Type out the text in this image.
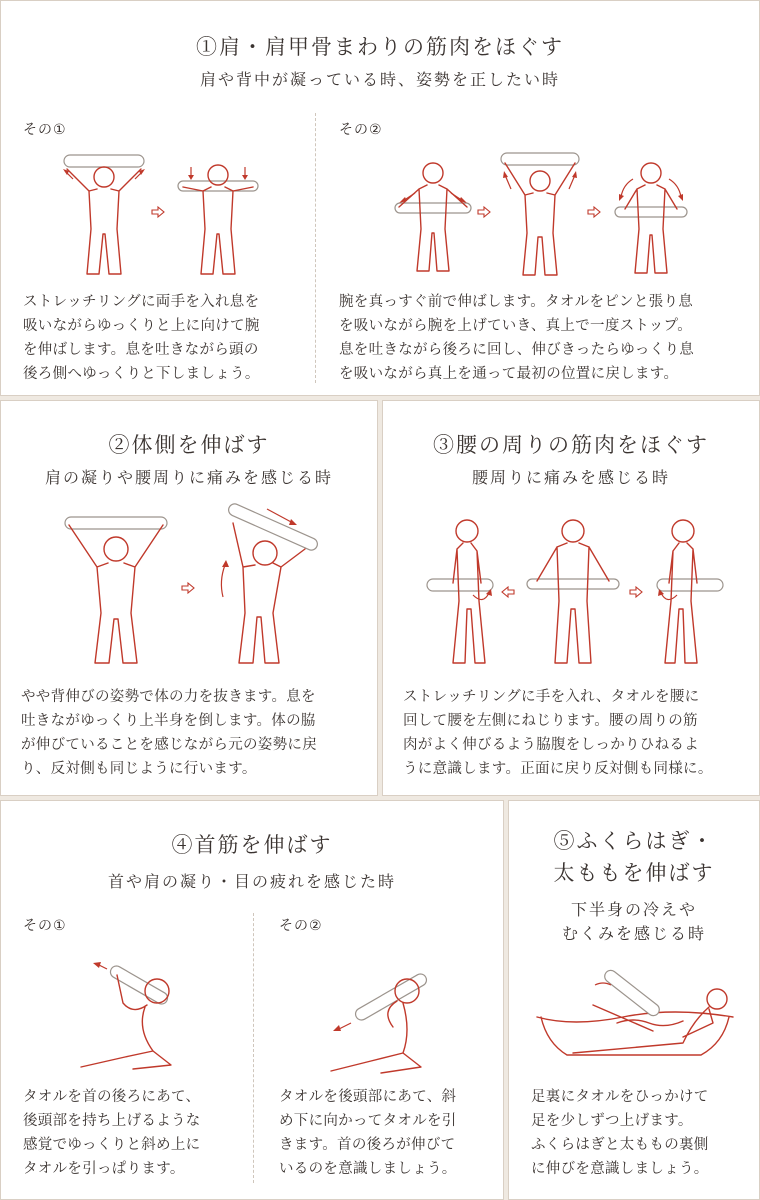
①肩・肩甲骨まわりの筋肉をほぐす
肩や背中が凝っている時、姿勢を正したい時
その①	その②
ストレッチリングに両手を入れ息を
吸いながらゆっくりと上に向けて腕
を伸ばします。息を吐きながら頭の
後ろ側へゆっくりと下しましょう。
腕を真っすぐ前で伸ばします。タオルをピンと張り息
を吸いながら腕を上げていき、真上で一度ストップ。
息を吐きながら後ろに回し、伸びきったらゆっくり息
を吸いながら真上を通って最初の位置に戻します。
②体側を伸ばす
肩の凝りや腰周りに痛みを感じる時
やや背伸びの姿勢で体の力を抜きます。息を
吐きながゆっくり上半身を倒します。体の脇
が伸びていることを感じながら元の姿勢に戻
り、反対側も同じように行います。
③腰の周りの筋肉をほぐす
腰周りに痛みを感じる時
ストレッチリングに手を入れ、タオルを腰に
回して腰を左側にねじります。腰の周りの筋
肉がよく伸びるよう脇腹をしっかりひねるよ
うに意識します。正面に戻り反対側も同様に。
④首筋を伸ばす
首や肩の凝り・目の疲れを感じた時
その①	その②
タオルを首の後ろにあて、
後頭部を持ち上げるような
感覚でゆっくりと斜め上に
タオルを引っぱります。
タオルを後頭部にあて、斜
め下に向かってタオルを引
きます。首の後ろが伸びて
いるのを意識しましょう。
⑤ふくらはぎ・
太ももを伸ばす
下半身の冷えや
むくみを感じる時
足裏にタオルをひっかけて
足を少しずつ上げます。
ふくらはぎと太ももの裏側
に伸びを意識しましょう。
